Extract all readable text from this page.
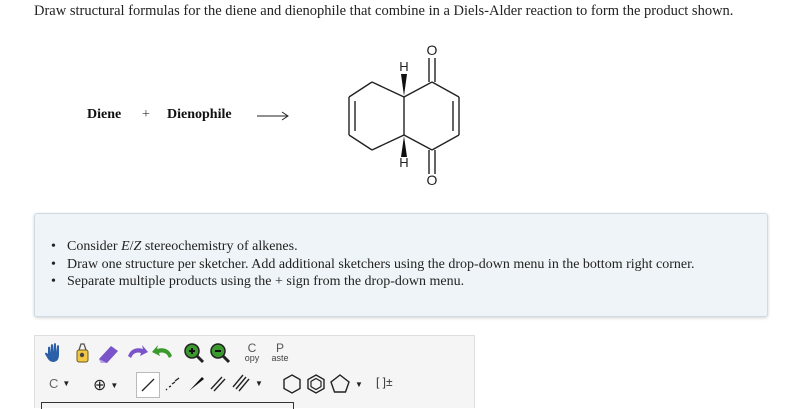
Draw structural formulas for the diene and dienophile that combine in a Diels-Alder reaction to form the product shown.
Diene + Dienophile
H
H
O
O
• Consider E/Z stereochemistry of alkenes.
• Draw one structure per sketcher. Add additional sketchers using the drop-down menu in the bottom right corner.
• Separate multiple products using the + sign from the drop-down menu.
C
opy
P
aste
C ▼ ⊕ ▼	▼	▼ [ ]±
